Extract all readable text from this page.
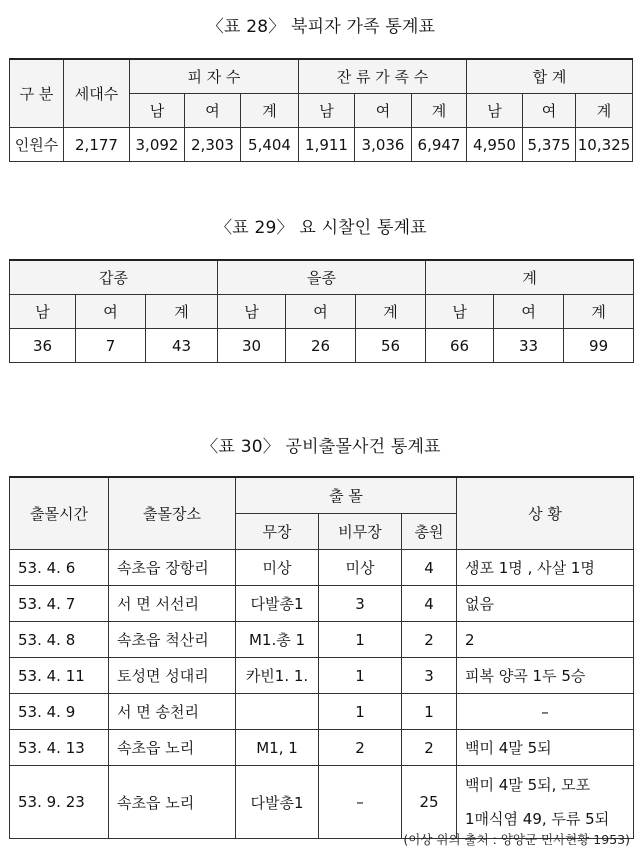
〈표 28〉 북피자 가족 통계표
구 분	세대수	피 자 수			잔 류 가 족 수			합 계		
		남	여	계	남	여	계	남	여	계
인원수	2,177	3,092	2,303	5,404	1,911	3,036	6,947	4,950	5,375	10,325
〈표 29〉 요 시찰인 통계표
갑종			을종			계		
남	여	계	남	여	계	남	여	계
36	7	43	30	26	56	66	33	99
〈표 30〉 공비출몰사건 통계표
출몰시간	출몰장소	출 몰			상 황
		무장	비무장	총원	
53. 4. 6	속초읍 장항리	미상	미상	4	생포 1명 , 사살 1명
53. 4. 7	서 면 서선리	다발총1	3	4	없음
53. 4. 8	속초읍 척산리	M1.총 1	1	2	2
53. 4. 11	토성면 성대리	카빈1. 1.	1	3	피복 양곡 1두 5승
53. 4. 9	서 면 송천리		1	1	–
53. 4. 13	속초읍 노리	M1, 1	2	2	백미 4말 5되
53. 9. 23	속초읍 노리	다발총1	–	25	백미 4말 5되, 모포
1매식염 49, 두류 5되
(이상 위의 출처 : 양양군 민사현황 1953)
